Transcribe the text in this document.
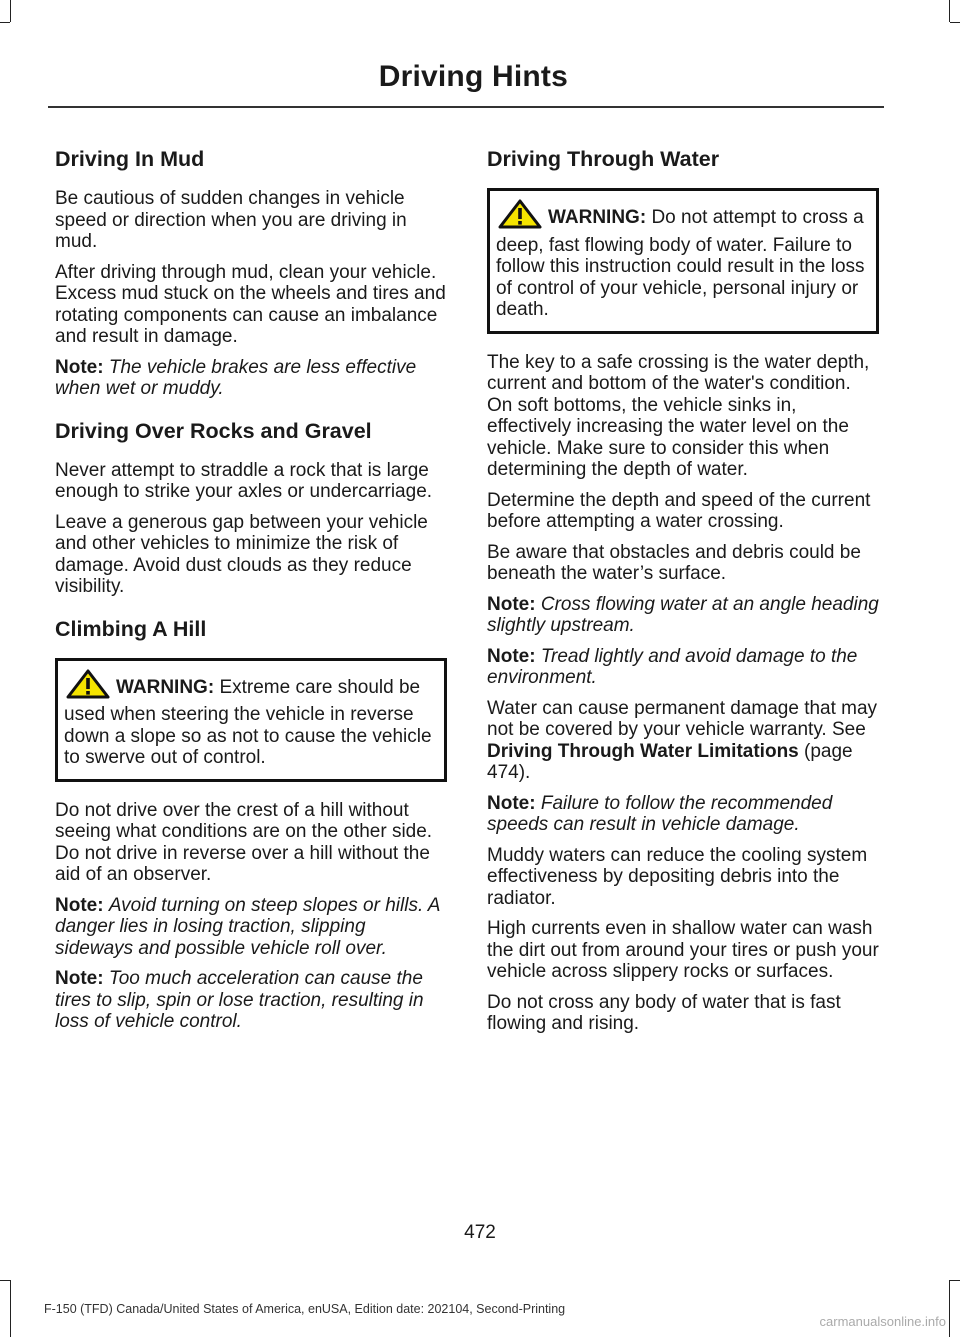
Driving Hints
Driving In Mud

Be cautious of sudden changes in vehicle speed or direction when you are driving in mud.

After driving through mud, clean your vehicle. Excess mud stuck on the wheels and tires and rotating components can cause an imbalance and result in damage.

Note: The vehicle brakes are less effective when wet or muddy.

Driving Over Rocks and Gravel

Never attempt to straddle a rock that is large enough to strike your axles or undercarriage.

Leave a generous gap between your vehicle and other vehicles to minimize the risk of damage. Avoid dust clouds as they reduce visibility.

Climbing A Hill
WARNING: Extreme care should be used when steering the vehicle in reverse down a slope so as not to cause the vehicle to swerve out of control.

Do not drive over the crest of a hill without seeing what conditions are on the other side. Do not drive in reverse over a hill without the aid of an observer.

Note: Avoid turning on steep slopes or hills. A danger lies in losing traction, slipping sideways and possible vehicle roll over.

Note: Too much acceleration can cause the tires to slip, spin or lose traction, resulting in loss of vehicle control.

Driving Through Water
WARNING: Do not attempt to cross a deep, fast flowing body of water. Failure to follow this instruction could result in the loss of control of your vehicle, personal injury or death.

The key to a safe crossing is the water depth, current and bottom of the water's condition. On soft bottoms, the vehicle sinks in, effectively increasing the water level on the vehicle. Make sure to consider this when determining the depth of water.

Determine the depth and speed of the current before attempting a water crossing.

Be aware that obstacles and debris could be beneath the water’s surface.

Note: Cross flowing water at an angle heading slightly upstream.

Note: Tread lightly and avoid damage to the environment.

Water can cause permanent damage that may not be covered by your vehicle warranty. See Driving Through Water Limitations (page 474).

Note: Failure to follow the recommended speeds can result in vehicle damage.

Muddy waters can reduce the cooling system effectiveness by depositing debris into the radiator.

High currents even in shallow water can wash the dirt out from around your tires or push your vehicle across slippery rocks or surfaces.

Do not cross any body of water that is fast flowing and rising.

472
F-150 (TFD) Canada/United States of America, enUSA, Edition date: 202104, Second-Printing
carmanualsonline.info
